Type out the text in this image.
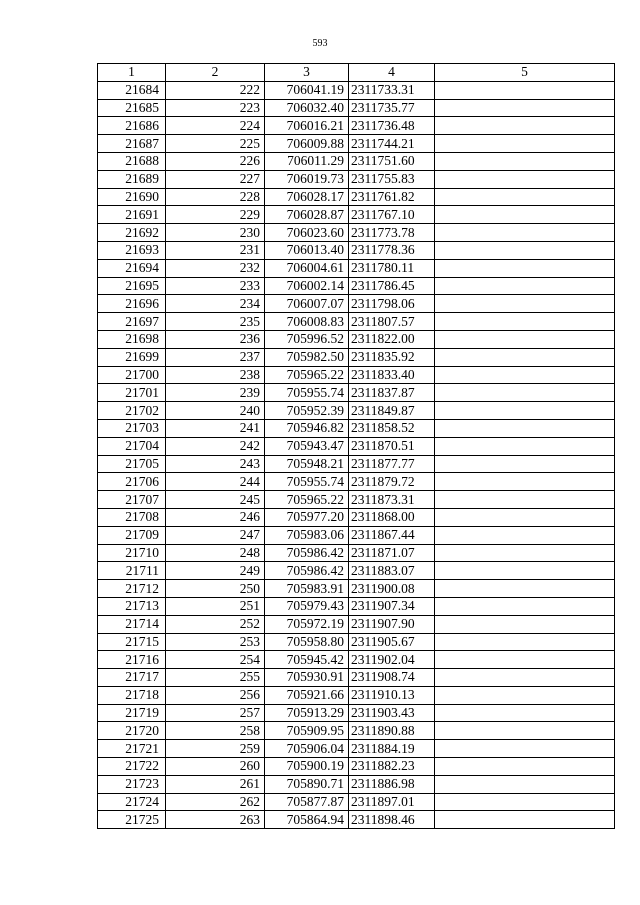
593
1	2	3	4	5
21684	222	706041.19	2311733.31	
21685	223	706032.40	2311735.77	
21686	224	706016.21	2311736.48	
21687	225	706009.88	2311744.21	
21688	226	706011.29	2311751.60	
21689	227	706019.73	2311755.83	
21690	228	706028.17	2311761.82	
21691	229	706028.87	2311767.10	
21692	230	706023.60	2311773.78	
21693	231	706013.40	2311778.36	
21694	232	706004.61	2311780.11	
21695	233	706002.14	2311786.45	
21696	234	706007.07	2311798.06	
21697	235	706008.83	2311807.57	
21698	236	705996.52	2311822.00	
21699	237	705982.50	2311835.92	
21700	238	705965.22	2311833.40	
21701	239	705955.74	2311837.87	
21702	240	705952.39	2311849.87	
21703	241	705946.82	2311858.52	
21704	242	705943.47	2311870.51	
21705	243	705948.21	2311877.77	
21706	244	705955.74	2311879.72	
21707	245	705965.22	2311873.31	
21708	246	705977.20	2311868.00	
21709	247	705983.06	2311867.44	
21710	248	705986.42	2311871.07	
21711	249	705986.42	2311883.07	
21712	250	705983.91	2311900.08	
21713	251	705979.43	2311907.34	
21714	252	705972.19	2311907.90	
21715	253	705958.80	2311905.67	
21716	254	705945.42	2311902.04	
21717	255	705930.91	2311908.74	
21718	256	705921.66	2311910.13	
21719	257	705913.29	2311903.43	
21720	258	705909.95	2311890.88	
21721	259	705906.04	2311884.19	
21722	260	705900.19	2311882.23	
21723	261	705890.71	2311886.98	
21724	262	705877.87	2311897.01	
21725	263	705864.94	2311898.46	
